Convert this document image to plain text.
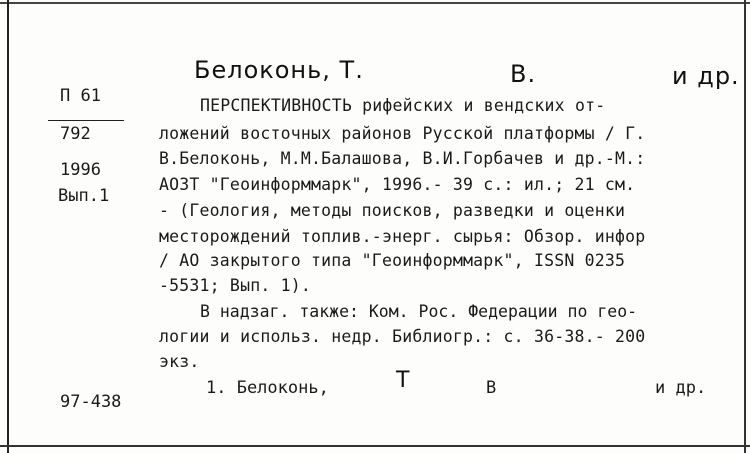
Белоконь, Т.	В.	и др.
П 61
792
1996
Вып.1
ПЕРСПЕКТИВНОСТЬ рифейских и вендских от-
ложений восточных районов Русской платформы / Г.
В.Белоконь, М.М.Балашова, В.И.Горбачев и др.-М.:
АОЗТ "Геоинформмарк", 1996.- 39 с.: ил.; 21 см.
- (Геология, методы поисков, разведки и оценки
месторождений топлив.-энерг. сырья: Обзор. инфор
/ АО закрытого типа "Геоинформмарк", ISSN 0235
-5531; Вып. 1).
В надзаг. также: Ком. Рос. Федерации по гео-
логии и использ. недр. Библиогр.: с. 36-38.- 200
экз.
1. Белоконь,	Т	В	и др.
97-438
